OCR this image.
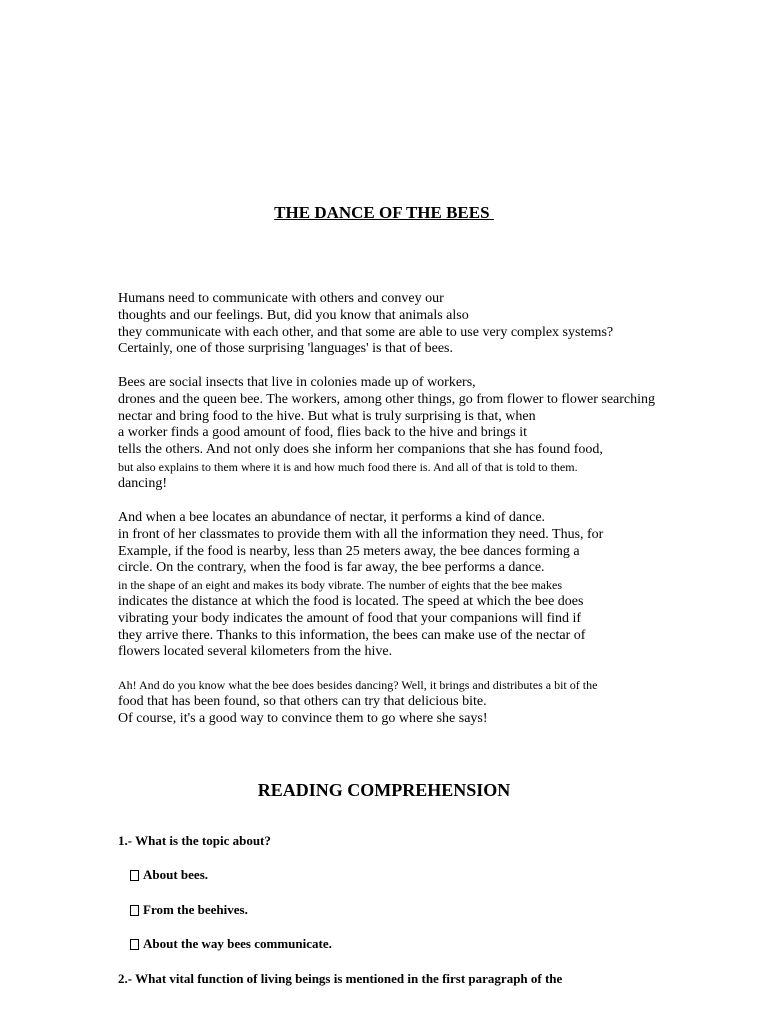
THE DANCE OF THE BEES
Humans need to communicate with others and convey our
thoughts and our feelings. But, did you know that animals also
they communicate with each other, and that some are able to use very complex systems?
Certainly, one of those surprising 'languages' is that of bees.
Bees are social insects that live in colonies made up of workers,
drones and the queen bee. The workers, among other things, go from flower to flower searching
nectar and bring food to the hive. But what is truly surprising is that, when
a worker finds a good amount of food, flies back to the hive and brings it
tells the others. And not only does she inform her companions that she has found food,
but also explains to them where it is and how much food there is. And all of that is told to them.
dancing!
And when a bee locates an abundance of nectar, it performs a kind of dance.
in front of her classmates to provide them with all the information they need. Thus, for
Example, if the food is nearby, less than 25 meters away, the bee dances forming a
circle. On the contrary, when the food is far away, the bee performs a dance.
in the shape of an eight and makes its body vibrate. The number of eights that the bee makes
indicates the distance at which the food is located. The speed at which the bee does
vibrating your body indicates the amount of food that your companions will find if
they arrive there. Thanks to this information, the bees can make use of the nectar of
flowers located several kilometers from the hive.
Ah! And do you know what the bee does besides dancing? Well, it brings and distributes a bit of the
food that has been found, so that others can try that delicious bite.
Of course, it's a good way to convince them to go where she says!
READING COMPREHENSION
1.- What is the topic about?
About bees.
From the beehives.
About the way bees communicate.
2.- What vital function of living beings is mentioned in the first paragraph of the
